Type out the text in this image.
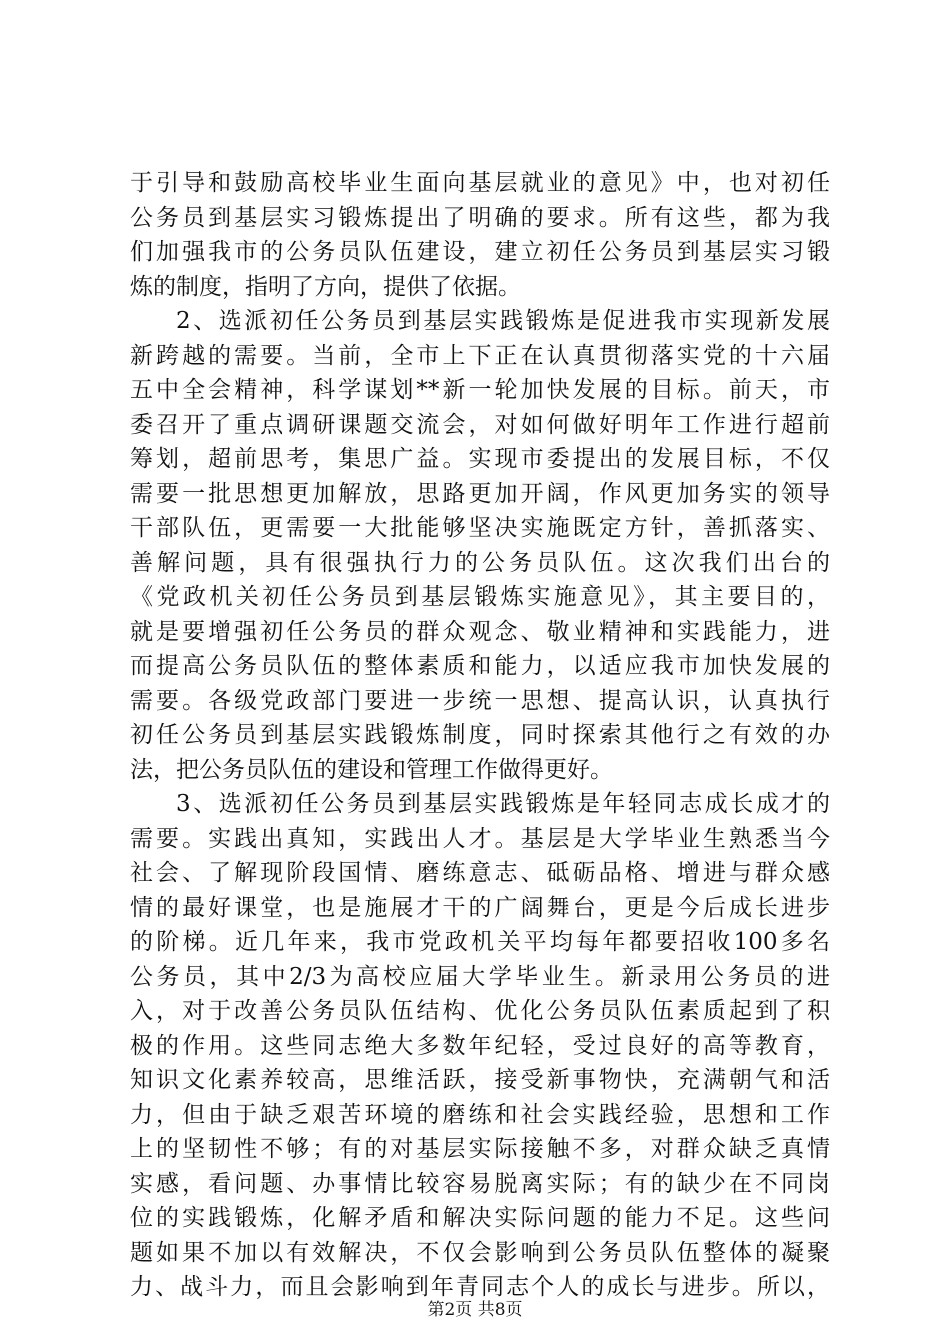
于引导和鼓励高校毕业生面向基层就业的意见》中，也对初任
公务员到基层实习锻炼提出了明确的要求。所有这些，都为我
们加强我市的公务员队伍建设，建立初任公务员到基层实习锻
炼的制度，指明了方向，提供了依据。
2、选派初任公务员到基层实践锻炼是促进我市实现新发展
新跨越的需要。当前，全市上下正在认真贯彻落实党的十六届
五中全会精神，科学谋划**新一轮加快发展的目标。前天，市
委召开了重点调研课题交流会，对如何做好明年工作进行超前
筹划，超前思考，集思广益。实现市委提出的发展目标，不仅
需要一批思想更加解放，思路更加开阔，作风更加务实的领导
干部队伍，更需要一大批能够坚决实施既定方针，善抓落实、
善解问题，具有很强执行力的公务员队伍。这次我们出台的
《党政机关初任公务员到基层锻炼实施意见》，其主要目的，
就是要增强初任公务员的群众观念、敬业精神和实践能力，进
而提高公务员队伍的整体素质和能力，以适应我市加快发展的
需要。各级党政部门要进一步统一思想、提高认识，认真执行
初任公务员到基层实践锻炼制度，同时探索其他行之有效的办
法，把公务员队伍的建设和管理工作做得更好。
3、选派初任公务员到基层实践锻炼是年轻同志成长成才的
需要。实践出真知，实践出人才。基层是大学毕业生熟悉当今
社会、了解现阶段国情、磨练意志、砥砺品格、增进与群众感
情的最好课堂，也是施展才干的广阔舞台，更是今后成长进步
的阶梯。近几年来，我市党政机关平均每年都要招收100多名
公务员，其中2/3为高校应届大学毕业生。新录用公务员的进
入，对于改善公务员队伍结构、优化公务员队伍素质起到了积
极的作用。这些同志绝大多数年纪轻，受过良好的高等教育，
知识文化素养较高，思维活跃，接受新事物快，充满朝气和活
力，但由于缺乏艰苦环境的磨练和社会实践经验，思想和工作
上的坚韧性不够；有的对基层实际接触不多，对群众缺乏真情
实感，看问题、办事情比较容易脱离实际；有的缺少在不同岗
位的实践锻炼，化解矛盾和解决实际问题的能力不足。这些问
题如果不加以有效解决，不仅会影响到公务员队伍整体的凝聚
力、战斗力，而且会影响到年青同志个人的成长与进步。所以，
第2页 共8页
